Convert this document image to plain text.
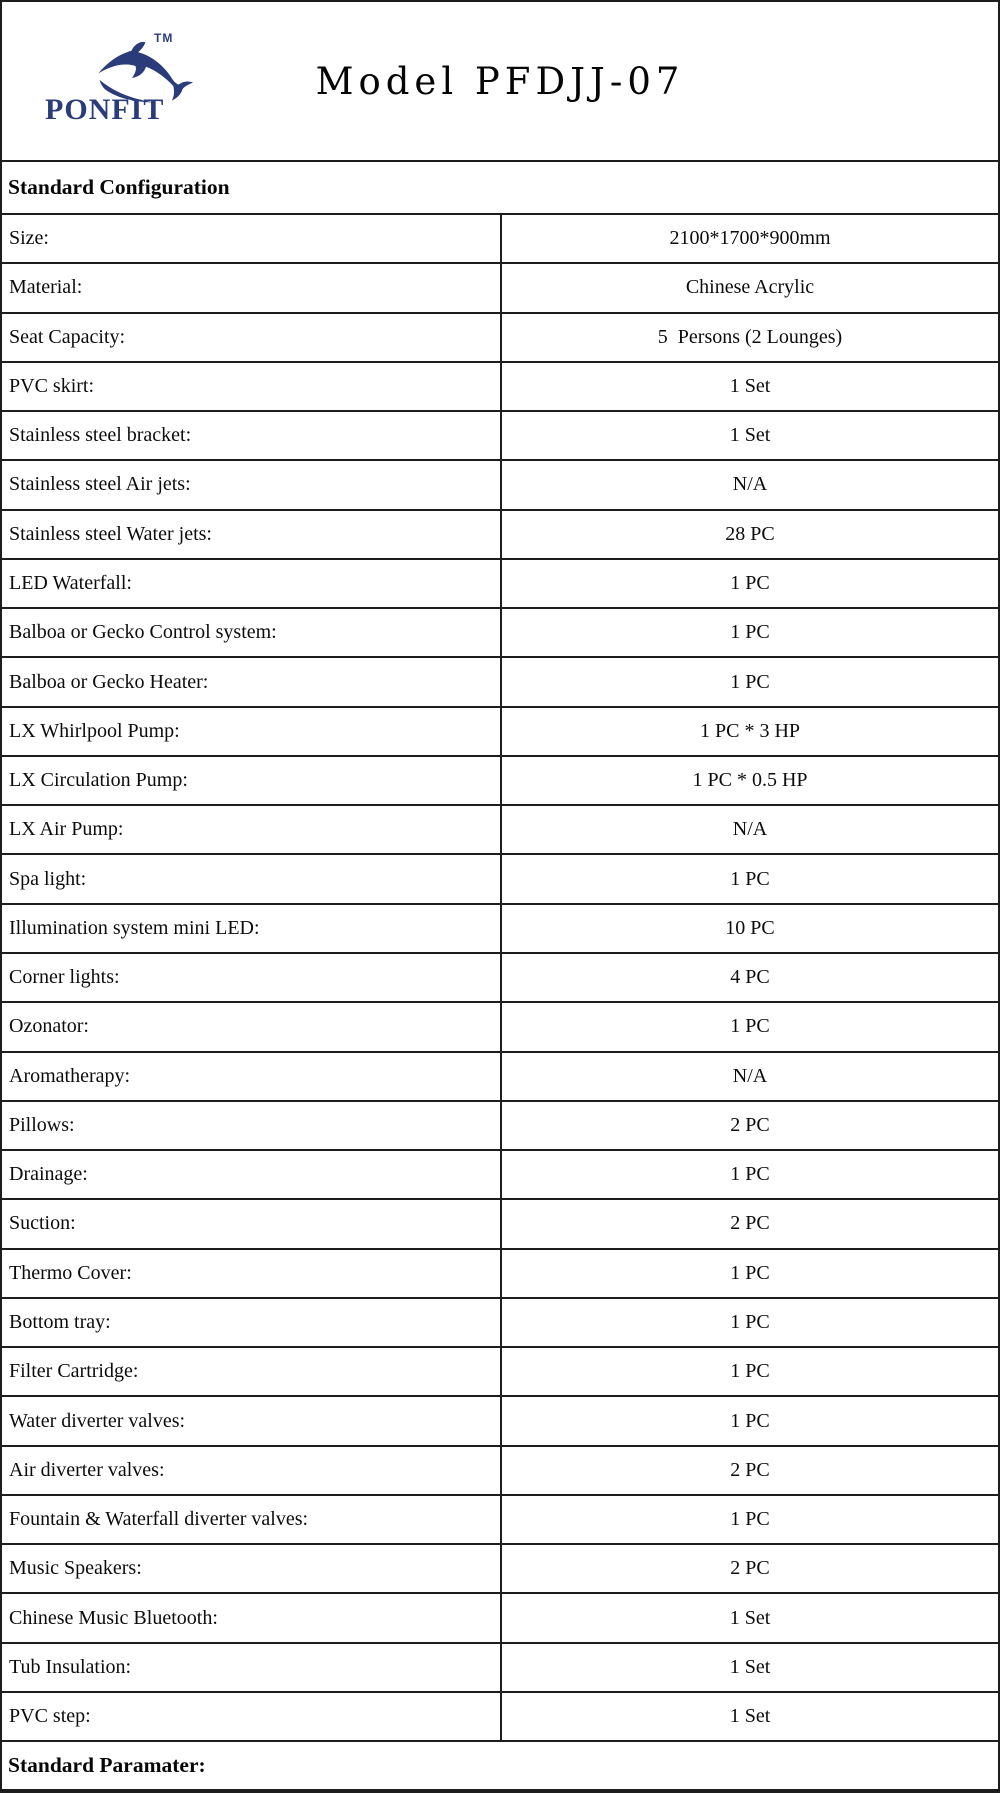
TM
PONFIT
Model PFDJJ-07
Standard Configuration
Size:	2100*1700*900mm
Material:	Chinese Acrylic
Seat Capacity:	5  Persons (2 Lounges)
PVC skirt:	1 Set
Stainless steel bracket:	1 Set
Stainless steel Air jets:	N/A
Stainless steel Water jets:	28 PC
LED Waterfall:	1 PC
Balboa or Gecko Control system:	1 PC
Balboa or Gecko Heater:	1 PC
LX Whirlpool Pump:	1 PC * 3 HP
LX Circulation Pump:	1 PC * 0.5 HP
LX Air Pump:	N/A
Spa light:	1 PC
Illumination system mini LED:	10 PC
Corner lights:	4 PC
Ozonator:	1 PC
Aromatherapy:	N/A
Pillows:	2 PC
Drainage:	1 PC
Suction:	2 PC
Thermo Cover:	1 PC
Bottom tray:	1 PC
Filter Cartridge:	1 PC
Water diverter valves:	1 PC
Air diverter valves:	2 PC
Fountain & Waterfall diverter valves:	1 PC
Music Speakers:	2 PC
Chinese Music Bluetooth:	1 Set
Tub Insulation:	1 Set
PVC step:	1 Set
Standard Paramater:
